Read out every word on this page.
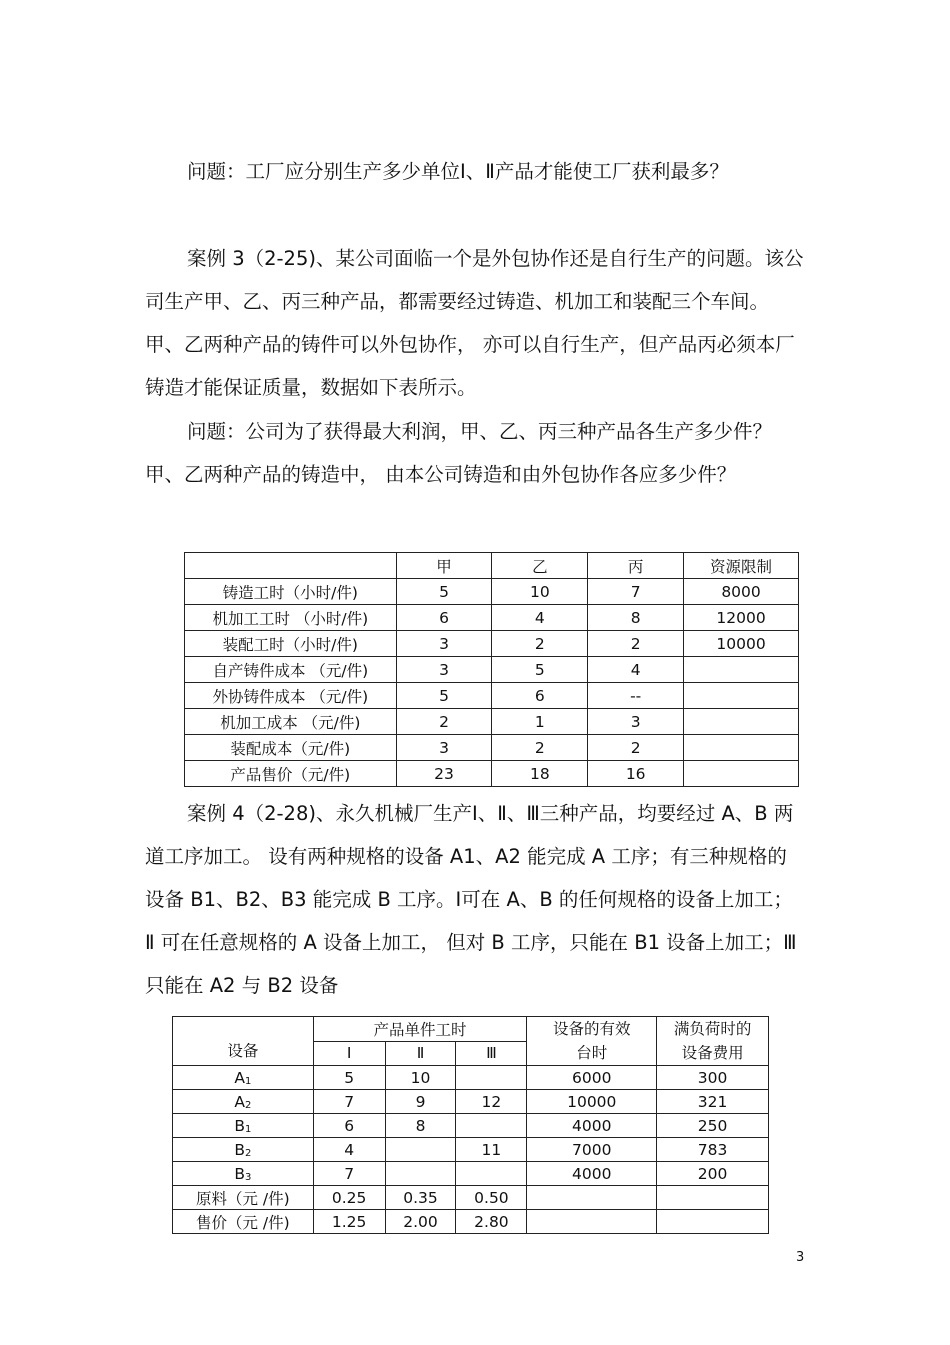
问题：工厂应分别生产多少单位Ⅰ、Ⅱ产品才能使工厂获利最多？

案例 3（2-25)、某公司面临一个是外包协作还是自行生产的问题。该公司生产甲、乙、丙三种产品，都需要经过铸造、机加工和装配三个车间。甲、乙两种产品的铸件可以外包协作， 亦可以自行生产，但产品丙必须本厂铸造才能保证质量，数据如下表所示。

问题：公司为了获得最大利润，甲、乙、丙三种产品各生产多少件？甲、乙两种产品的铸造中， 由本公司铸造和由外包协作各应多少件？

	甲	乙	丙	资源限制
铸造工时（小时/件)	5	10	7	8000
机加工工时 （小时/件)	6	4	8	12000
装配工时（小时/件)	3	2	2	10000
自产铸件成本 （元/件)	3	5	4	
外协铸件成本 （元/件)	5	6	--	
机加工成本 （元/件)	2	1	3	
装配成本（元/件)	3	2	2	
产品售价（元/件)	23	18	16	

案例 4（2-28)、永久机械厂生产Ⅰ、Ⅱ、Ⅲ三种产品，均要经过 A、B 两道工序加工。 设有两种规格的设备 A1、A2 能完成 A 工序；有三种规格的设备 B1、B2、B3 能完成 B 工序。Ⅰ可在 A、B 的任何规格的设备上加工； Ⅱ 可在任意规格的 A 设备上加工， 但对 B 工序，只能在 B1 设备上加工；Ⅲ只能在 A2 与 B2 设备

设备	产品单件工时			设备的有效台时	满负荷时的设备费用
	Ⅰ	Ⅱ	Ⅲ		
$A_1$	5	10		6000	300
$A_2$	7	9	12	10000	321
$B_1$	6	8		4000	250
$B_2$	4		11	7000	783
$B_3$	7			4000	200
原料（元 /件)	0.25	0.35	0.50		
售价（元 /件)	1.25	2.00	2.80		
3
